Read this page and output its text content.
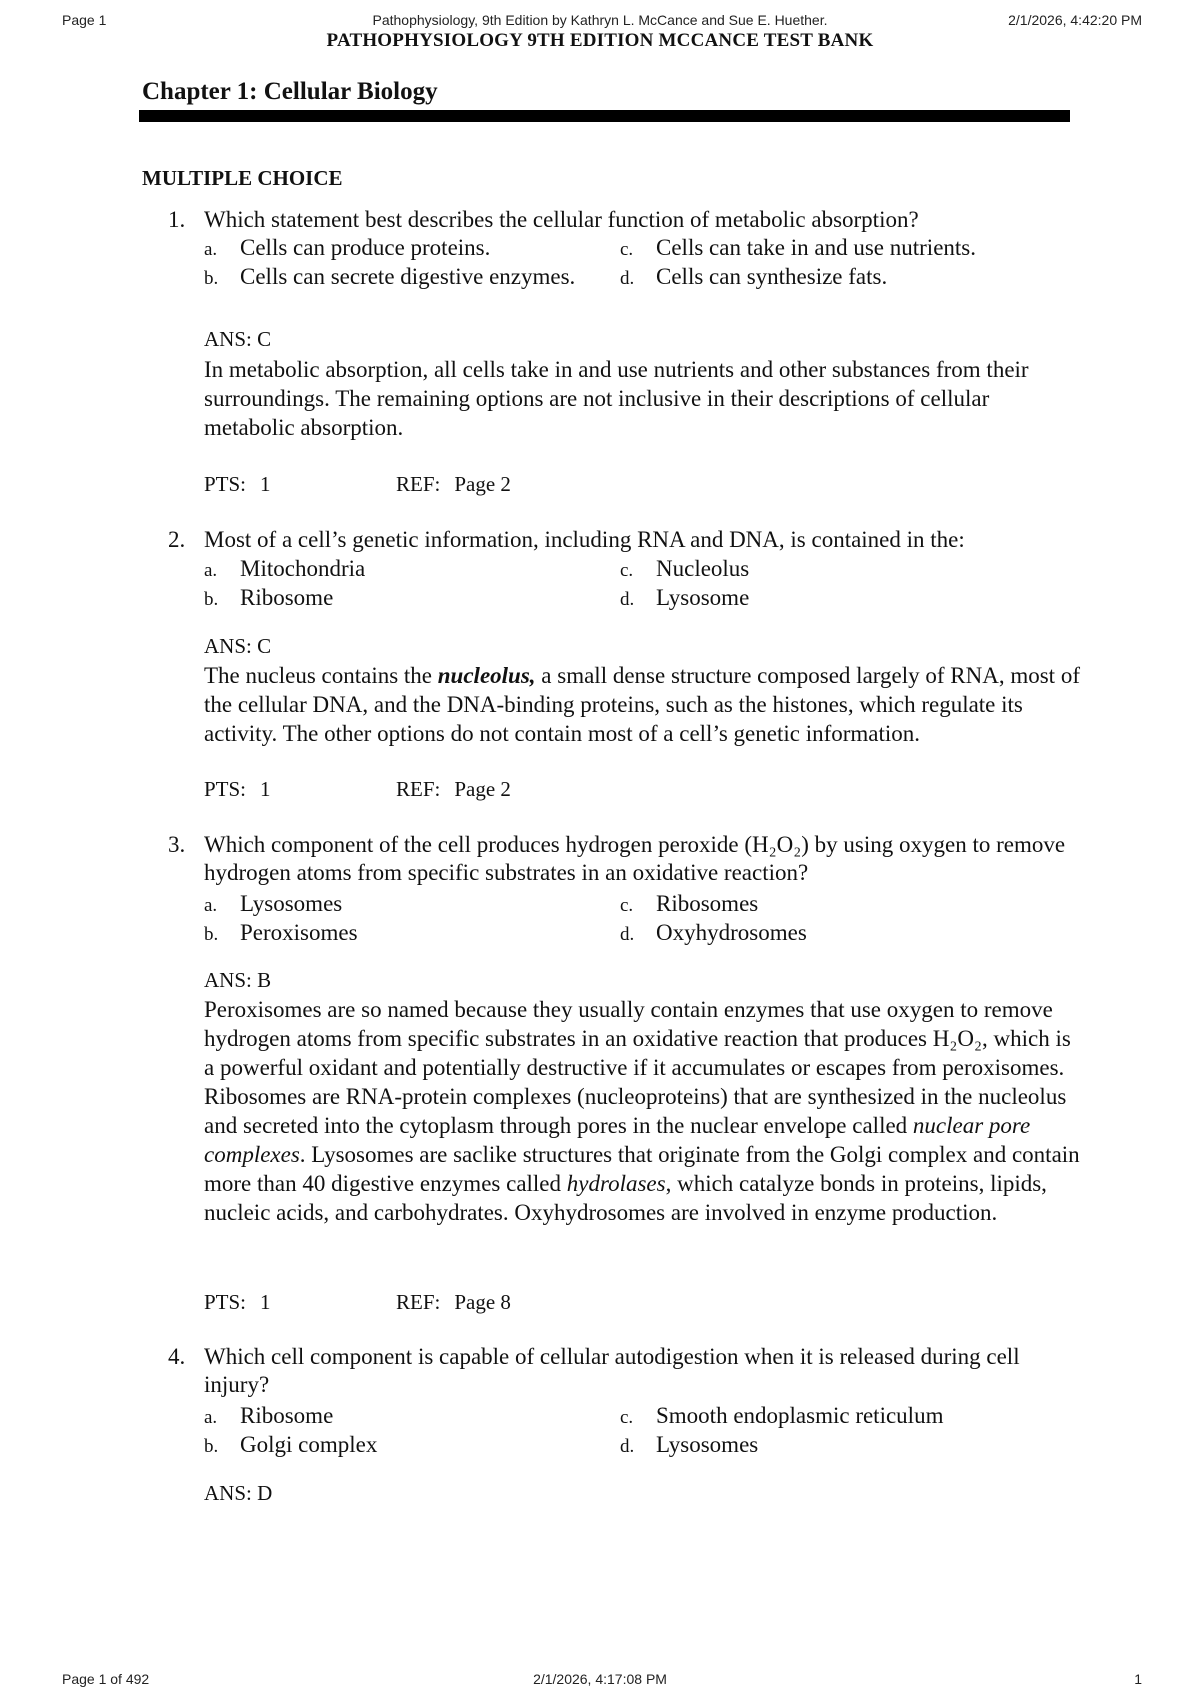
Page 1	Pathophysiology, 9th Edition by Kathryn L. McCance and Sue E. Huether.	2/1/2026, 4:42:20 PM
PATHOPHYSIOLOGY 9TH EDITION MCCANCE TEST BANK
Chapter 1: Cellular Biology
MULTIPLE CHOICE
1. Which statement best describes the cellular function of metabolic absorption?
a. Cells can produce proteins.
b. Cells can secrete digestive enzymes.
c. Cells can take in and use nutrients.
d. Cells can synthesize fats.
ANS: C
In metabolic absorption, all cells take in and use nutrients and other substances from their surroundings. The remaining options are not inclusive in their descriptions of cellular metabolic absorption.
PTS: 1	REF: Page 2
2. Most of a cell’s genetic information, including RNA and DNA, is contained in the:
a. Mitochondria
b. Ribosome
c. Nucleolus
d. Lysosome
ANS: C
The nucleus contains the nucleolus, a small dense structure composed largely of RNA, most of the cellular DNA, and the DNA-binding proteins, such as the histones, which regulate its activity. The other options do not contain most of a cell’s genetic information.
PTS: 1	REF: Page 2
3. Which component of the cell produces hydrogen peroxide (H₂O₂) by using oxygen to remove hydrogen atoms from specific substrates in an oxidative reaction?
a. Lysosomes
b. Peroxisomes
c. Ribosomes
d. Oxyhydrosomes
ANS: B
Peroxisomes are so named because they usually contain enzymes that use oxygen to remove hydrogen atoms from specific substrates in an oxidative reaction that produces H₂O₂, which is a powerful oxidant and potentially destructive if it accumulates or escapes from peroxisomes. Ribosomes are RNA-protein complexes (nucleoproteins) that are synthesized in the nucleolus and secreted into the cytoplasm through pores in the nuclear envelope called nuclear pore complexes. Lysosomes are saclike structures that originate from the Golgi complex and contain more than 40 digestive enzymes called hydrolases, which catalyze bonds in proteins, lipids, nucleic acids, and carbohydrates. Oxyhydrosomes are involved in enzyme production.
PTS: 1	REF: Page 8
4. Which cell component is capable of cellular autodigestion when it is released during cell injury?
a. Ribosome
b. Golgi complex
c. Smooth endoplasmic reticulum
d. Lysosomes
ANS: D
Page 1 of 492	2/1/2026, 4:17:08 PM	1
